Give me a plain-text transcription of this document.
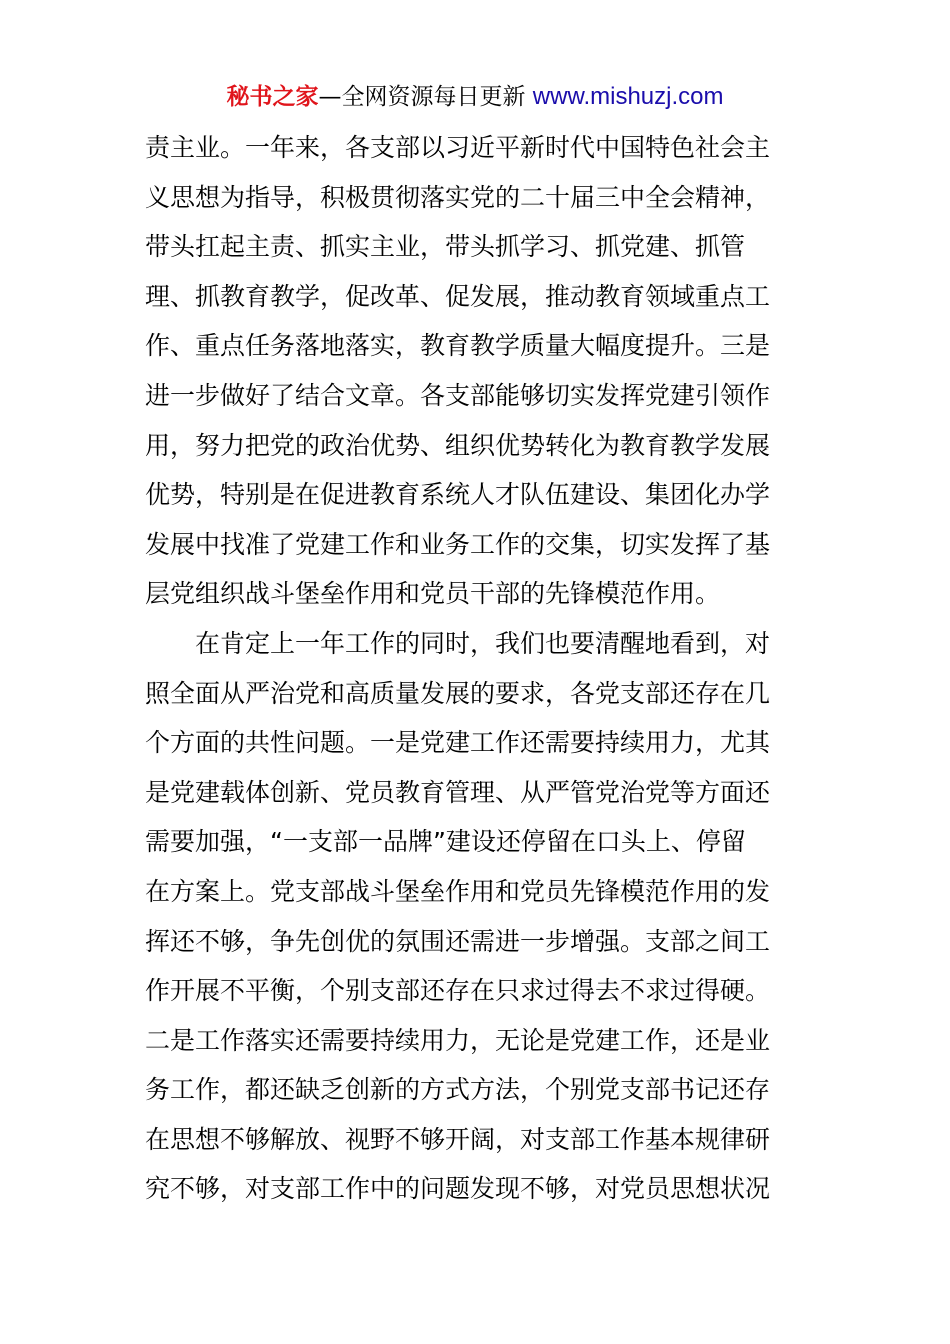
秘书之家—全网资源每日更新 www.mishuzj.com
责主业。一年来，各支部以习近平新时代中国特色社会主
义思想为指导，积极贯彻落实党的二十届三中全会精神，
带头扛起主责、抓实主业，带头抓学习、抓党建、抓管
理、抓教育教学，促改革、促发展，推动教育领域重点工
作、重点任务落地落实，教育教学质量大幅度提升。三是
进一步做好了结合文章。各支部能够切实发挥党建引领作
用，努力把党的政治优势、组织优势转化为教育教学发展
优势，特别是在促进教育系统人才队伍建设、集团化办学
发展中找准了党建工作和业务工作的交集，切实发挥了基
层党组织战斗堡垒作用和党员干部的先锋模范作用。
　　在肯定上一年工作的同时，我们也要清醒地看到，对
照全面从严治党和高质量发展的要求，各党支部还存在几
个方面的共性问题。一是党建工作还需要持续用力，尤其
是党建载体创新、党员教育管理、从严管党治党等方面还
需要加强，“一支部一品牌”建设还停留在口头上、停留
在方案上。党支部战斗堡垒作用和党员先锋模范作用的发
挥还不够，争先创优的氛围还需进一步增强。支部之间工
作开展不平衡，个别支部还存在只求过得去不求过得硬。
二是工作落实还需要持续用力，无论是党建工作，还是业
务工作，都还缺乏创新的方式方法，个别党支部书记还存
在思想不够解放、视野不够开阔，对支部工作基本规律研
究不够，对支部工作中的问题发现不够，对党员思想状况
